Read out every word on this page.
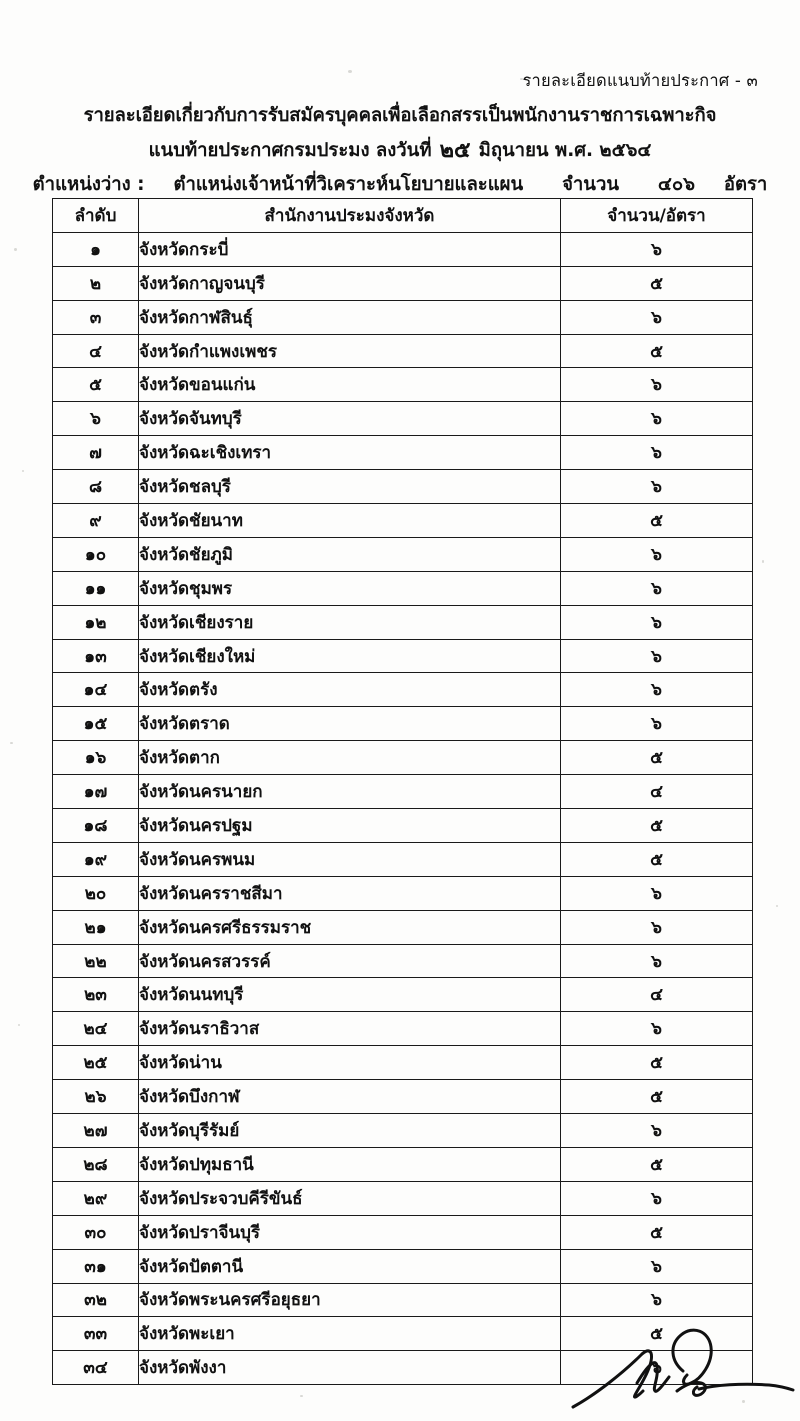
รายละเอียดแนบท้ายประกาศ - ๓
รายละเอียดเกี่ยวกับการรับสมัครบุคคลเพื่อเลือกสรรเป็นพนักงานราชการเฉพาะกิจ
แนบท้ายประกาศกรมประมง ลงวันที่ ๒๕ มิถุนายน พ.ศ. ๒๕๖๔
ตำแหน่งว่าง : ตำแหน่งเจ้าหน้าที่วิเคราะห์นโยบายและแผน จำนวน ๔๐๖ อัตรา
ลำดับ	สำนักงานประมงจังหวัด	จำนวน/อัตรา
๑	จังหวัดกระบี่	๖
๒	จังหวัดกาญจนบุรี	๕
๓	จังหวัดกาฬสินธุ์	๖
๔	จังหวัดกำแพงเพชร	๕
๕	จังหวัดขอนแก่น	๖
๖	จังหวัดจันทบุรี	๖
๗	จังหวัดฉะเชิงเทรา	๖
๘	จังหวัดชลบุรี	๖
๙	จังหวัดชัยนาท	๕
๑๐	จังหวัดชัยภูมิ	๖
๑๑	จังหวัดชุมพร	๖
๑๒	จังหวัดเชียงราย	๖
๑๓	จังหวัดเชียงใหม่	๖
๑๔	จังหวัดตรัง	๖
๑๕	จังหวัดตราด	๖
๑๖	จังหวัดตาก	๕
๑๗	จังหวัดนครนายก	๔
๑๘	จังหวัดนครปฐม	๕
๑๙	จังหวัดนครพนม	๕
๒๐	จังหวัดนครราชสีมา	๖
๒๑	จังหวัดนครศรีธรรมราช	๖
๒๒	จังหวัดนครสวรรค์	๖
๒๓	จังหวัดนนทบุรี	๔
๒๔	จังหวัดนราธิวาส	๖
๒๕	จังหวัดน่าน	๕
๒๖	จังหวัดบึงกาฬ	๕
๒๗	จังหวัดบุรีรัมย์	๖
๒๘	จังหวัดปทุมธานี	๕
๒๙	จังหวัดประจวบคีรีขันธ์	๖
๓๐	จังหวัดปราจีนบุรี	๕
๓๑	จังหวัดปัตตานี	๖
๓๒	จังหวัดพระนครศรีอยุธยา	๖
๓๓	จังหวัดพะเยา	๕
๓๔	จังหวัดพังงา	๖
